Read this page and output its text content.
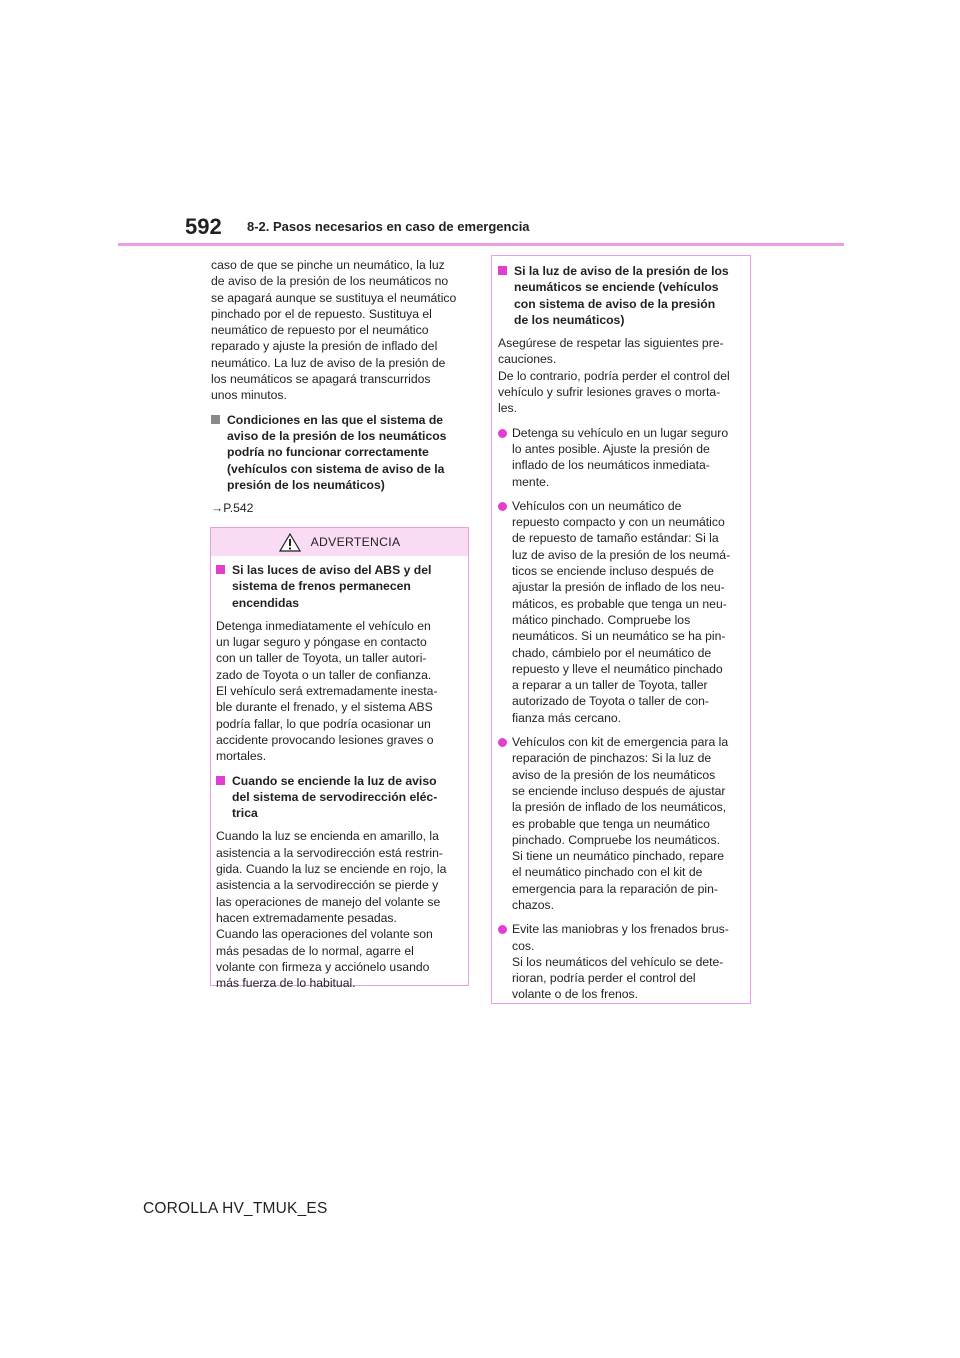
592 8-2. Pasos necesarios en caso de emergencia

caso de que se pinche un neumático, la luz
de aviso de la presión de los neumáticos no
se apagará aunque se sustituya el neumático
pinchado por el de repuesto. Sustituya el
neumático de repuesto por el neumático
reparado y ajuste la presión de inflado del
neumático. La luz de aviso de la presión de
los neumáticos se apagará transcurridos
unos minutos.

Condiciones en las que el sistema de
aviso de la presión de los neumáticos
podría no funcionar correctamente
(vehículos con sistema de aviso de la
presión de los neumáticos)

→P.542

ADVERTENCIA
Si las luces de aviso del ABS y del
sistema de frenos permanecen
encendidas

Detenga inmediatamente el vehículo en
un lugar seguro y póngase en contacto
con un taller de Toyota, un taller autori-
zado de Toyota o un taller de confianza.
El vehículo será extremadamente inesta-
ble durante el frenado, y el sistema ABS
podría fallar, lo que podría ocasionar un
accidente provocando lesiones graves o
mortales.

Cuando se enciende la luz de aviso
del sistema de servodirección eléc-
trica

Cuando la luz se encienda en amarillo, la
asistencia a la servodirección está restrin-
gida. Cuando la luz se enciende en rojo, la
asistencia a la servodirección se pierde y
las operaciones de manejo del volante se
hacen extremadamente pesadas.
Cuando las operaciones del volante son
más pesadas de lo normal, agarre el
volante con firmeza y acciónelo usando
más fuerza de lo habitual.

Si la luz de aviso de la presión de los
neumáticos se enciende (vehículos
con sistema de aviso de la presión
de los neumáticos)

Asegúrese de respetar las siguientes pre-
cauciones.
De lo contrario, podría perder el control del
vehículo y sufrir lesiones graves o morta-
les.

Detenga su vehículo en un lugar seguro
lo antes posible. Ajuste la presión de
inflado de los neumáticos inmediata-
mente.

Vehículos con un neumático de
repuesto compacto y con un neumático
de repuesto de tamaño estándar: Si la
luz de aviso de la presión de los neumá-
ticos se enciende incluso después de
ajustar la presión de inflado de los neu-
máticos, es probable que tenga un neu-
mático pinchado. Compruebe los
neumáticos. Si un neumático se ha pin-
chado, cámbielo por el neumático de
repuesto y lleve el neumático pinchado
a reparar a un taller de Toyota, taller
autorizado de Toyota o taller de con-
fianza más cercano.

Vehículos con kit de emergencia para la
reparación de pinchazos: Si la luz de
aviso de la presión de los neumáticos
se enciende incluso después de ajustar
la presión de inflado de los neumáticos,
es probable que tenga un neumático
pinchado. Compruebe los neumáticos.
Si tiene un neumático pinchado, repare
el neumático pinchado con el kit de
emergencia para la reparación de pin-
chazos.

Evite las maniobras y los frenados brus-
cos.
Si los neumáticos del vehículo se dete-
rioran, podría perder el control del
volante o de los frenos.

COROLLA HV_TMUK_ES
